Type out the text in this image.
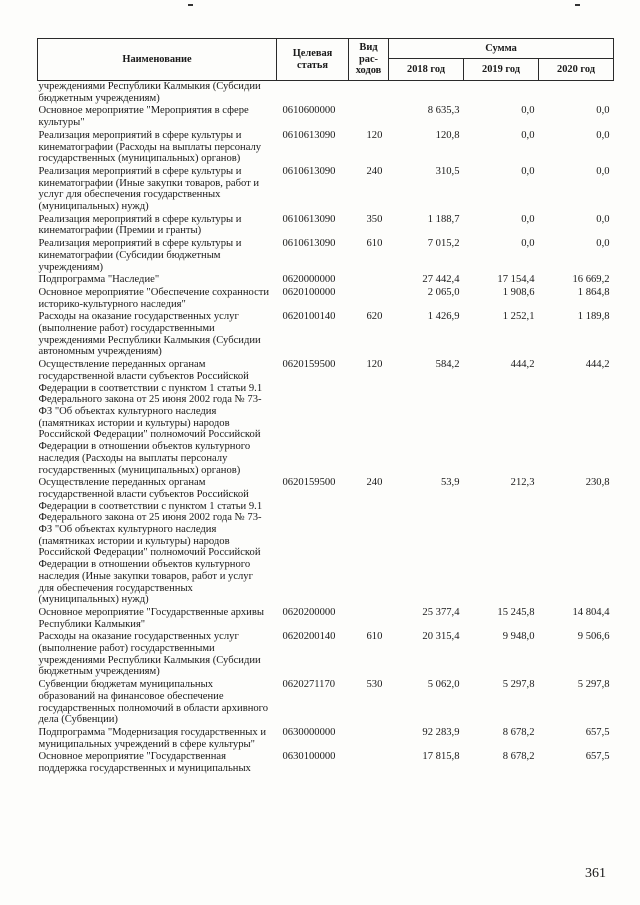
Наименование	Целевая статья	Вид рас-ходов	Сумма		
			2018 год	2019 год	2020 год
учреждениями Республики Калмыкия (Субсидии бюджетным учреждениям)					
Основное мероприятие "Мероприятия в сфере культуры"	0610600000		8 635,3	0,0	0,0
Реализация мероприятий в сфере культуры и кинематографии (Расходы на выплаты персоналу государственных (муниципальных) органов)	0610613090	120	120,8	0,0	0,0
Реализация мероприятий в сфере культуры и кинематографии (Иные закупки товаров, работ и услуг для обеспечения государственных (муниципальных) нужд)	0610613090	240	310,5	0,0	0,0
Реализация мероприятий в сфере культуры и кинематографии (Премии и гранты)	0610613090	350	1 188,7	0,0	0,0
Реализация мероприятий в сфере культуры и кинематографии (Субсидии бюджетным учреждениям)	0610613090	610	7 015,2	0,0	0,0
Подпрограмма "Наследие"	0620000000		27 442,4	17 154,4	16 669,2
Основное мероприятие "Обеспечение сохранности историко-культурного наследия"	0620100000		2 065,0	1 908,6	1 864,8
Расходы на оказание государственных услуг (выполнение работ) государственными учреждениями Республики Калмыкия (Субсидии автономным учреждениям)	0620100140	620	1 426,9	1 252,1	1 189,8
Осуществление переданных органам государственной власти субъектов Российской Федерации в соответствии с пунктом 1 статьи 9.1 Федерального закона от 25 июня 2002 года № 73-ФЗ "Об объектах культурного наследия (памятниках истории и культуры) народов Российской Федерации" полномочий Российской Федерации в отношении объектов культурного наследия (Расходы на выплаты персоналу государственных (муниципальных) органов)	0620159500	120	584,2	444,2	444,2
Осуществление переданных органам государственной власти субъектов Российской Федерации в соответствии с пунктом 1 статьи 9.1 Федерального закона от 25 июня 2002 года № 73-ФЗ "Об объектах культурного наследия (памятниках истории и культуры) народов Российской Федерации" полномочий Российской Федерации в отношении объектов культурного наследия (Иные закупки товаров, работ и услуг для обеспечения государственных (муниципальных) нужд)	0620159500	240	53,9	212,3	230,8
Основное мероприятие "Государственные архивы Республики Калмыкия"	0620200000		25 377,4	15 245,8	14 804,4
Расходы на оказание государственных услуг (выполнение работ) государственными учреждениями Республики Калмыкия (Субсидии бюджетным учреждениям)	0620200140	610	20 315,4	9 948,0	9 506,6
Субвенции бюджетам муниципальных образований на финансовое обеспечение государственных полномочий в области архивного дела (Субвенции)	0620271170	530	5 062,0	5 297,8	5 297,8
Подпрограмма "Модернизация государственных и муниципальных учреждений в сфере культуры"	0630000000		92 283,9	8 678,2	657,5
Основное мероприятие "Государственная поддержка государственных и муниципальных	0630100000		17 815,8	8 678,2	657,5
361
